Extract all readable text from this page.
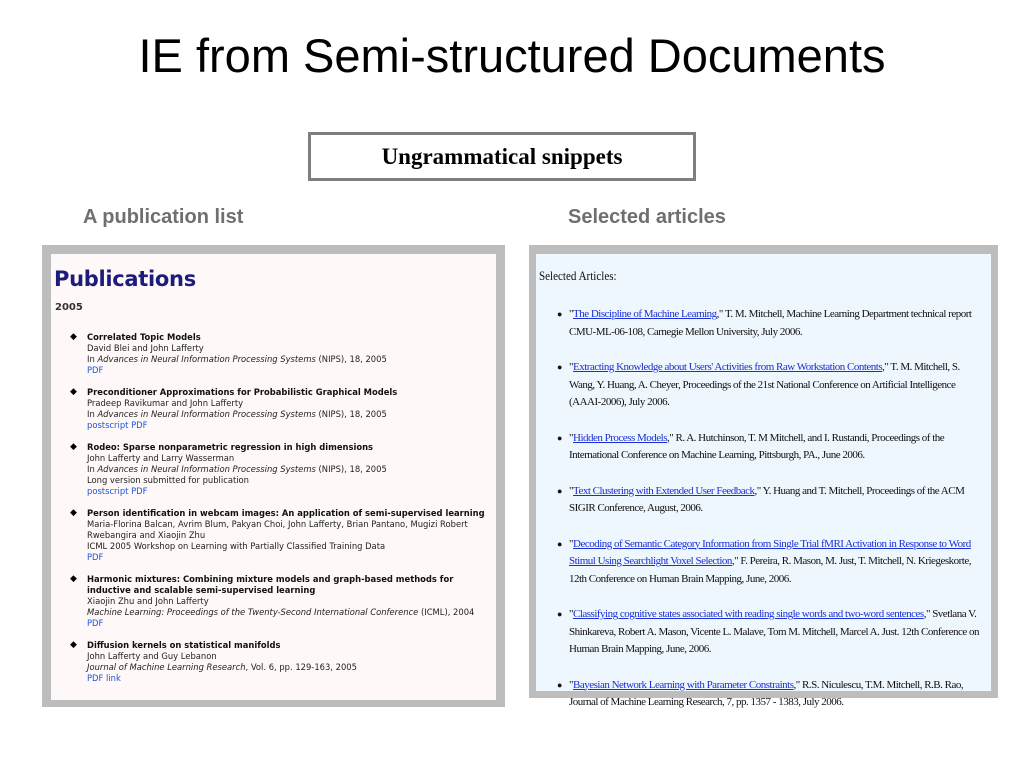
IE from Semi-structured Documents
Ungrammatical snippets
A publication list	Selected articles
Publications
2005
◆ Correlated Topic Models
David Blei and John Lafferty
In Advances in Neural Information Processing Systems (NIPS), 18, 2005
PDF
◆ Preconditioner Approximations for Probabilistic Graphical Models
Pradeep Ravikumar and John Lafferty
In Advances in Neural Information Processing Systems (NIPS), 18, 2005
postscript PDF
◆ Rodeo: Sparse nonparametric regression in high dimensions
John Lafferty and Larry Wasserman
In Advances in Neural Information Processing Systems (NIPS), 18, 2005
Long version submitted for publication
postscript PDF
◆ Person identification in webcam images: An application of semi-supervised learning
Maria-Florina Balcan, Avrim Blum, Pakyan Choi, John Lafferty, Brian Pantano, Mugizi Robert Rwebangira and Xiaojin Zhu
ICML 2005 Workshop on Learning with Partially Classified Training Data
PDF
◆ Harmonic mixtures: Combining mixture models and graph-based methods for inductive and scalable semi-supervised learning
Xiaojin Zhu and John Lafferty
Machine Learning: Proceedings of the Twenty-Second International Conference (ICML), 2004
PDF
◆ Diffusion kernels on statistical manifolds
John Lafferty and Guy Lebanon
Journal of Machine Learning Research, Vol. 6, pp. 129-163, 2005
PDF link
Selected Articles:
● "The Discipline of Machine Learning," T. M. Mitchell, Machine Learning Department technical report CMU-ML-06-108, Carnegie Mellon University, July 2006.
● "Extracting Knowledge about Users' Activities from Raw Workstation Contents," T. M. Mitchell, S. Wang, Y. Huang, A. Cheyer, Proceedings of the 21st National Conference on Artificial Intelligence (AAAI-2006), July 2006.
● "Hidden Process Models," R. A. Hutchinson, T. M Mitchell, and I. Rustandi, Proceedings of the International Conference on Machine Learning, Pittsburgh, PA., June 2006.
● "Text Clustering with Extended User Feedback," Y. Huang and T. Mitchell, Proceedings of the ACM SIGIR Conference, August, 2006.
● "Decoding of Semantic Category Information from Single Trial fMRI Activation in Response to Word Stimul Using Searchlight Voxel Selection," F. Pereira, R. Mason, M. Just, T. Mitchell, N. Kriegeskorte, 12th Conference on Human Brain Mapping, June, 2006.
● "Classifying cognitive states associated with reading single words and two-word sentences," Svetlana V. Shinkareva, Robert A. Mason, Vicente L. Malave, Tom M. Mitchell, Marcel A. Just. 12th Conference on Human Brain Mapping, June, 2006.
● "Bayesian Network Learning with Parameter Constraints," R.S. Niculescu, T.M. Mitchell, R.B. Rao, Journal of Machine Learning Research, 7, pp. 1357 - 1383, July 2006.
